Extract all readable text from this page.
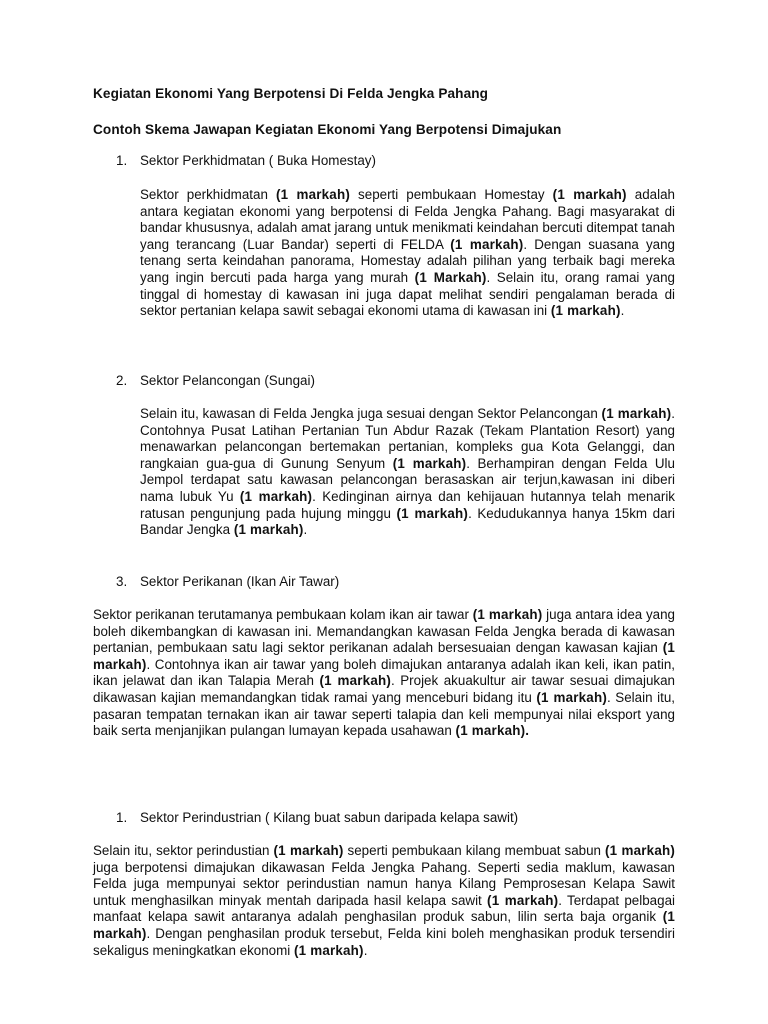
Kegiatan Ekonomi Yang Berpotensi Di Felda Jengka Pahang
Contoh Skema Jawapan Kegiatan Ekonomi Yang Berpotensi Dimajukan
1. Sektor Perkhidmatan ( Buka Homestay)

Sektor perkhidmatan (1 markah) seperti pembukaan Homestay (1 markah) adalah antara kegiatan ekonomi yang berpotensi di Felda Jengka Pahang. Bagi masyarakat di bandar khususnya, adalah amat jarang untuk menikmati keindahan bercuti ditempat tanah yang terancang (Luar Bandar) seperti di FELDA (1 markah). Dengan suasana yang tenang serta keindahan panorama, Homestay adalah pilihan yang terbaik bagi mereka yang ingin bercuti pada harga yang murah (1 Markah). Selain itu, orang ramai yang tinggal di homestay di kawasan ini juga dapat melihat sendiri pengalaman berada di sektor pertanian kelapa sawit sebagai ekonomi utama di kawasan ini (1 markah).

2. Sektor Pelancongan (Sungai)

Selain itu, kawasan di Felda Jengka juga sesuai dengan Sektor Pelancongan (1 markah). Contohnya Pusat Latihan Pertanian Tun Abdur Razak (Tekam Plantation Resort) yang menawarkan pelancongan bertemakan pertanian, kompleks gua Kota Gelanggi, dan rangkaian gua-gua di Gunung Senyum (1 markah). Berhampiran dengan Felda Ulu Jempol terdapat satu kawasan pelancongan berasaskan air terjun,kawasan ini diberi nama lubuk Yu (1 markah). Kedinginan airnya dan kehijauan hutannya telah menarik ratusan pengunjung pada hujung minggu (1 markah). Kedudukannya hanya 15km dari Bandar Jengka (1 markah).

3. Sektor Perikanan (Ikan Air Tawar)

Sektor perikanan terutamanya pembukaan kolam ikan air tawar (1 markah) juga antara idea yang boleh dikembangkan di kawasan ini. Memandangkan kawasan Felda Jengka berada di kawasan pertanian, pembukaan satu lagi sektor perikanan adalah bersesuaian dengan kawasan kajian (1 markah). Contohnya ikan air tawar yang boleh dimajukan antaranya adalah ikan keli, ikan patin, ikan jelawat dan ikan Talapia Merah (1 markah). Projek akuakultur air tawar sesuai dimajukan dikawasan kajian memandangkan tidak ramai yang menceburi bidang itu (1 markah). Selain itu, pasaran tempatan ternakan ikan air tawar seperti talapia dan keli mempunyai nilai eksport yang baik serta menjanjikan pulangan lumayan kepada usahawan (1 markah).

1. Sektor Perindustrian ( Kilang buat sabun daripada kelapa sawit)

Selain itu, sektor perindustian (1 markah) seperti pembukaan kilang membuat sabun (1 markah) juga berpotensi dimajukan dikawasan Felda Jengka Pahang. Seperti sedia maklum, kawasan Felda juga mempunyai sektor perindustian namun hanya Kilang Pemprosesan Kelapa Sawit untuk menghasilkan minyak mentah daripada hasil kelapa sawit (1 markah). Terdapat pelbagai manfaat kelapa sawit antaranya adalah penghasilan produk sabun, lilin serta baja organik (1 markah). Dengan penghasilan produk tersebut, Felda kini boleh menghasikan produk tersendiri sekaligus meningkatkan ekonomi (1 markah).
